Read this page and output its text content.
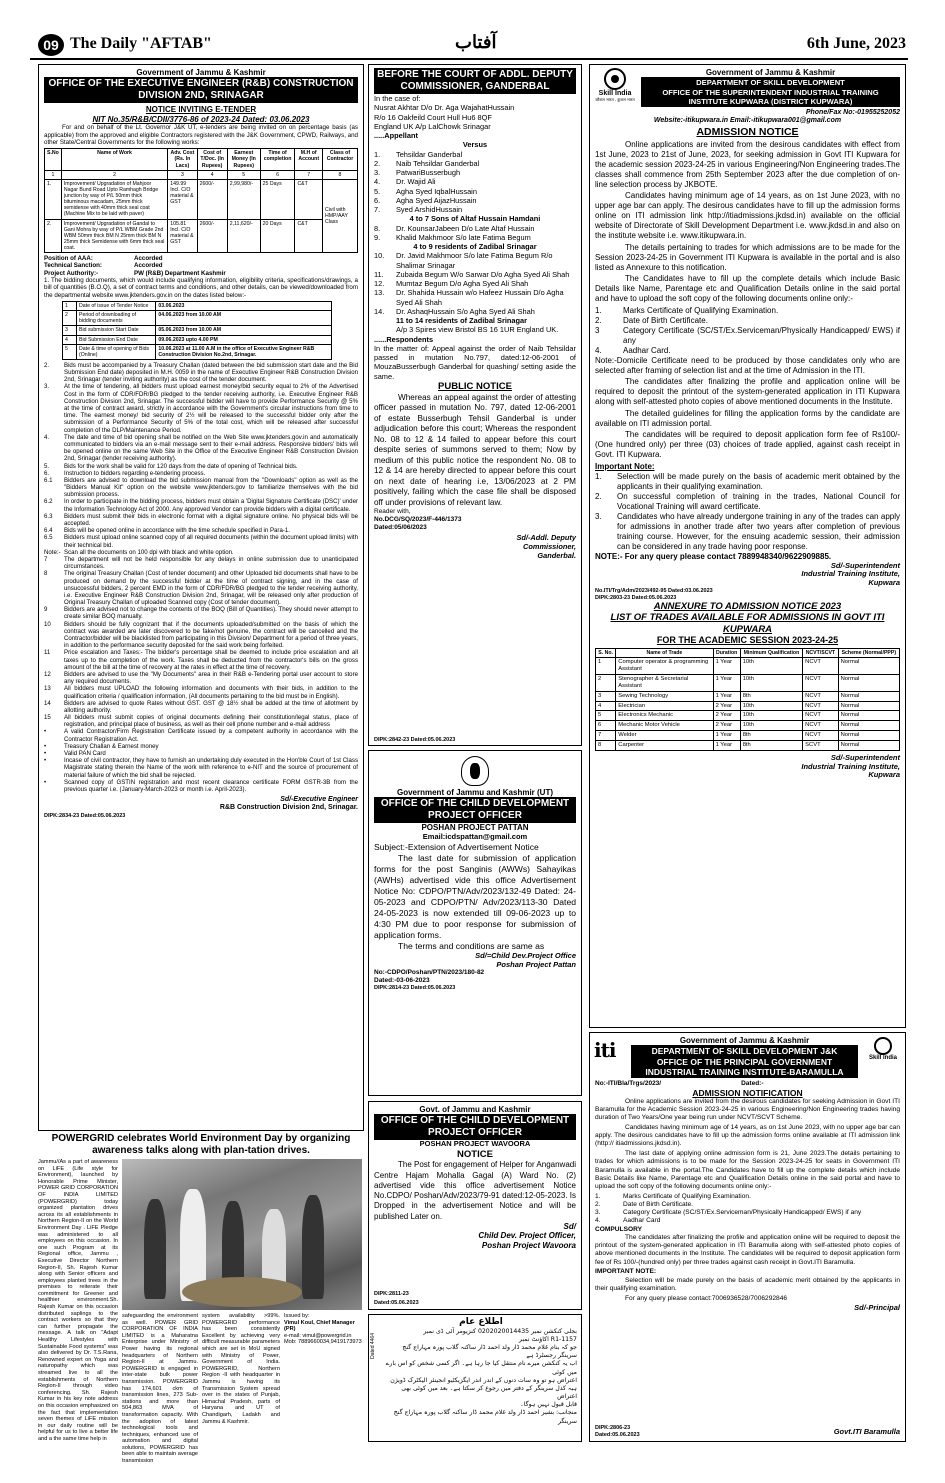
09 The Daily "AFTAB"	آفتاب	6th June, 2023
Government of Jammu & Kashmir
OFFICE OF THE EXECUTIVE ENGINEER (R&B) CONSTRUCTION DIVISION 2ND, SRINAGAR
NOTICE INVITING E-TENDER
NIT No.35/R&B/CDII/3776-86 of 2023-24 Dated: 03.06.2023

For and on behalf of the Lt. Governor J&K UT, e-tenders are being invited on on percentage basis (as applicable) from the approved and eligible Contractors registered with the J&K Government, CPWD, Railways, and other State/Central Governments for the following works:

S.No	Name of Work	Adv. Cost (Rs. In Lacs)	Cost of T/Doc. (In Rupees)	Earnest Money (In Rupees)	Time of completion	M.H of Account	Class of Contractor
1	2	3	4	5	6	7	8
1.	Improvement/ Upgradation of Mahjoor Nagar Bund Road Upto Ramhagh Bridge junction by way of P/L 50mm thick bituminous macadam, 25mm thick semidense with 40mm thick seal coat (Machine Mix to be laid with paver)	149.99 Incl. C/O material & GST	2600/-	2,99,980/-	25 Days	C&T	Civil with HMP/AAY Class
2.	Improvement/ Upgradation of Gandal to Gani Mohra by way of P/L WBM Grade 2nd WBM 50mm thick BM N 25mm thick BM N 25mm thick Semidense with 6mm thick seal coat.	105.81 Incl. C/O material & GST	2600/-	2,11,620/-	20 Days	C&T	
Position of AAA:	Accorded
Technical Sanction:	Accorded
Project Authority:-	PW (R&B) Department Kashmir

1. The bidding documents, which would include qualifying information, eligibility criteria, specifications/drawings, a bill of quantities (B.O.Q), a set of contract terms and conditions, and other details, can be viewed/downloaded from the departmental website www.jktenders.gov.in on the dates listed below:-

1	Date of issue of Tender Notice	03.06.2023
2	Period of downloading of bidding documents	04.06.2023 from 10.00 AM
3	Bid submission Start Date	05.06.2023 from 10.00 AM
4	Bid Submission End Date	09.06.2023 upto 4.00 PM
5	Date & time of opening of Bids (Online)	10.06.2023 at 11.00 A.M in the office of Executive Engineer R&B Construction Division No.2nd, Srinagar.
2.	Bids must be accompanied by a Treasury Challan (dated between the bid submission start date and the Bid Submission End date) deposited in M.H. 0059 in the name of Executive Engineer R&B Construction Division 2nd, Srinagar (tender inviting authority) as the cost of the tender document.
3.	At the time of tendering, all bidders must upload earnest money/bid security equal to 2% of the Advertised Cost in the form of CDR/FDR/BG pledged to the tender receiving authority, i.e. Executive Engineer R&B Construction Division 2nd, Srinagar. The successful bidder will have to provide Performance Security @ 5% at the time of contract award, strictly in accordance with the Government's circular instructions from time to time. The earnest money/ bid security of 2½ will be released to the successful bidder only after the submission of a Performance Security of 5% of the total cost, which will be released after successful completion of the DLP/Maintenance Period.
4.	The date and time of bid opening shall be notified on the Web Site www.jktenders.gov.in and automatically communicated to bidders via an e-mail message sent to their e-mail address. Responsive bidders' bids will be opened online on the same Web Site in the Office of the Executive Engineer R&B Construction Division 2nd, Srinagar (tender receiving authority).
5.	Bids for the work shall be valid for 120 days from the date of opening of Technical bids.
6.	Instruction to bidders regarding e-tendering process.
6.1	Bidders are advised to download the bid submission manual from the "Downloads" option as well as the "Bidders Manual Kit" option on the website www.jktenders.gov to familiarize themselves with the bid submission process.
6.2	In order to participate in the bidding process, bidders must obtain a 'Digital Signature Certificate (DSC)' under the Information Technology Act of 2000. Any approved Vendor can provide bidders with a digital certificate.
6.3	Bidders must submit their bids in electronic format with a digital signature online. No physical bids will be accepted.
6.4	Bids will be opened online in accordance with the time schedule specified in Para-1.
6.5	Bidders must upload online scanned copy of all required documents (within the document upload limits) with their technical bid.
Note:- Scan all the documents on 100 dpi with black and white option.
7	The department will not be held responsible for any delays in online submission due to unanticipated circumstances.
8	The original Treasury Challan (Cost of tender document) and other Uploaded bid documents shall have to be produced on demand by the successful bidder at the time of contract signing, and in the case of unsuccessful bidders, 2 percent EMD in the form of CDR/FDR/BG pledged to the tender receiving authority, i.e. Executive Engineer R&B Construction Division 2nd, Srinagar, will be released only after production of Original Treasury Challan of uploaded Scanned copy (Cost of tender document).
9	Bidders are advised not to change the contents of the BOQ (Bill of Quantities). They should never attempt to create similar BOQ manually.
10	Bidders should be fully cognizant that if the documents uploaded/submitted on the basis of which the contract was awarded are later discovered to be fake/not genuine, the contract will be cancelled and the Contractor/bidder will be blacklisted from participating in this Division/ Department for a period of three years, in addition to the performance security deposited for the said work being forfeited.
11	Price escalation and Taxes:- The bidder's percentage shall be deemed to include price escalation and all taxes up to the completion of the work. Taxes shall be deducted from the contractor's bills on the gross amount of the bill at the time of recovery at the rates in effect at the time of recovery.
12	Bidders are advised to use the "My Documents" area in their R&B e-Tendering portal user account to store any required documents.
13	All bidders must UPLOAD the following information and documents with their bids, in addition to the qualification criteria / qualification information, (All documents pertaining to the bid must be in English).
14	Bidders are advised to quote Rates without GST. GST @ 18½ shall be added at the time of allotment by allotting authority.
15	All bidders must submit copies of original documents defining their constitution/legal status, place of registration, and principal place of business, as well as their cell phone number and e-mail address
•	A valid Contractor/Firm Registration Certificate issued by a competent authority in accordance with the Contractor Registration Act.
•	Treasury Challan & Earnest money
•	Valid PAN Card
•	Incase of civil contractor, they have to furnish an undertaking duly executed in the Hon'ble Court of 1st Class Magistrate stating therein the Name of the work with reference to e-NIT and the source of procurement of material failure of which the bid shall be rejected.
•	Scanned copy of GSTIN registration and most recent clearance certificate FORM GSTR-3B from the previous quarter i.e. (January-March-2023 or month i.e. April-2023).
Sd/-Executive Engineer
R&B Construction Division 2nd, Srinagar.
DIPK:2834-23 Dated:05.06.2023
POWERGRID celebrates World Environment Day by organizing awareness talks along with plan-tation drives.
Jammu//As a part of awareness on LiFE (Life style for Environment), launched by Honorable Prime Minister, POWER GRID CORPORATION OF INDIA LIMITED (POWERGRID) today organized plantation drives across its all establishments in Northern Region-II on the World Environment Day . LiFE Pledge was administered to all employees on this occasion. In one such Program at its Regional office, Jammu , Executive Director Northern Region-II, Sh. Rajesh Kumar along with Senior officers and employees planted trees in the premises to reiterate their commitment for Greener and healthier environment.Sh. Rajesh Kumar on this occasion distributed saplings to the contract workers so that they can further propagate the message. A talk on "Adapt Healthy Lifestyles with Sustainable Food systems" was also delivered by Dr. T.S.Rana, Renowned expert on Yoga and naturopathy which was streamed live to all the establishments of Northern Region-II through video conferencing. Sh. Rajesh Kumar in his key note address on this occasion emphasized on the fact that implementation seven themes of LiFE mission in our daily routine will be helpful for us to live a better life and a the same time help in
safeguarding the environment as well. POWER GRID CORPORATION OF INDIA LIMITED is a Maharatna Enterprise under Ministry of Power having its regional headquarters of Northern Region-II at Jammu. POWERGRID is engaged in inter-state bulk power transmission. POWERGRID has 174,601 ckm of transmission lines, 273 Sub-stations and more than 504,863 MVA of transformation capacity. With the adoption of latest technological tools and techniques, enhanced use of automation and digital solutions, POWERGRID has been able to maintain average transmission
system availability >99%. POWERGRID performance has been consistently Excellent by achieving very difficult measurable parameters which are set in MoU signed with Ministry of Power, Government of India. POWERGRID, Northern Region -II with headquarter in Jammu is having its Transmission System spread over in the states of Punjab, Himachal Pradesh, parts of Haryana and UT of Chandigarh, Ladakh and Jammu & Kashmir.
Issued by:
Vimul Koul, Chief Manager (PR)
e-mail: vimul@powergrid.in
Mob: 7889660034,9419173973
BEFORE THE COURT OF ADDL. DEPUTY COMMISSIONER, GANDERBAL
In the case of:
Nusrat Akhtar D/o Dr. Aga WajahatHussain
R/o 16 Oakfeild Court Hull Hu6 8QF
England UK A/p LalChowk Srinagar
.....Appellant
Versus
1.	Tehsildar Ganderbal
2.	Naib Tehsildar Ganderbal
3.	PatwariBusserbugh
4.	Dr. Wajid Ali
5.	Agha Syed IqbalHussain
6.	Agha Syed AijazHussain
7.	Syed ArshidHussain
4 to 7 Sons of Altaf Hussain Hamdani
8.	Dr. KounsarJabeen D/o Late Altaf Hussain
9.	Khalid Makhmoor S/o late Fatima Begum
4 to 9 residents of Zadibal Srinagar
10.	Dr. Javid Makhmoor S/o late Fatima Begum R/o Shalimar Srinagar
11.	Zubaida Begum W/o Sarwar D/o Agha Syed Ali Shah
12.	Mumtaz Begum D/o Agha Syed Ali Shah
13.	Dr. Shahida Hussain w/o Hafeez Hussain D/o Agha Syed Ali Shah
14.	Dr. AshaqHussain S/o Agha Syed Ali Shah
11 to 14 residents of Zadibal Srinagar
A/p 3 Spires view Bristol BS 16 1UR England UK.
......Respondents
In the matter of: Appeal against the order of Naib Tehsildar passed in mutation No.797, dated:12-06-2001 of MouzaBusserbugh Ganderbal for quashing/ setting aside the same.
PUBLIC NOTICE
Whereas an appeal against the order of attesting officer passed in mutation No. 797, dated 12-06-2001 of estate Busserbugh Tehsil Ganderbal is under adjudication before this court; Whereas the respondent No. 08 to 12 & 14 failed to appear before this court despite series of summons served to them; Now by medium of this public notice the respondent No. 08 to 12 & 14 are hereby directed to appear before this court on next date of hearing i.e, 13/06/2023 at 2 PM positively, failing which the case file shall be disposed off under provisions of relevant law.
Reader with,
No.DCG/SQ/2023/F-446/1373
Dated:05/06/2023
Sd/-Addl. Deputy
Commissioner,
Ganderbal.
DIPK:2842-23 Dated:05.06.2023
Government of Jammu and Kashmir (UT)
OFFICE OF THE CHILD DEVELOPMENT PROJECT OFFICER
POSHAN PROJECT PATTAN
Email:icdspattan@gmail.com
Subject:-Extension of Advertisement Notice
The last date for submission of application forms for the post Sanginis (AWWs) Sahayikas (AWHs) advertised vide this office Advertisement Notice No: CDPO/PTN/Adv/2023/132-49 Dated: 24-05-2023 and CDPO/PTN/ Adv/2023/113-30 Dated 24-05-2023 is now extended till 09-06-2023 up to 4:30 PM due to poor response for submission of application forms.
The terms and conditions are same as
Sd/=Child Dev.Project Office
Poshan Project Pattan
No:-CDPO/Poshan/PTN/2023/180-82
Dated:-03-06-2023
DIPK:2814-23 Dated:05.06.2023
Govt. of Jammu and Kashmir
OFFICE OF THE CHILD DEVELOPMENT PROJECT OFFICER
POSHAN PROJECT WAVOORA
NOTICE
The Post for engagement of Helper for Anganwadi Centre Hajam Mohalla Gagal (A) Ward No. (2) advertised vide this office advertisement Notice No.CDPO/ Poshan/Adv/2023/79-91 dated:12-05-2023. Is Dropped in the advertisement Notice and will be published Later on.
Sd/
Child Dev. Project Officer,
Poshan Project Wavoora
DIPK:2811-23
Dated:05.06.2023
Dated 4464
اطلاع عام
بجلی کنکشن نمبر 0202020014435 کنزیومر آئی ڈی نمبر
1157-R1 اکاؤنٹ نمبر
جو کہ بنام غلام محمد ڈار ولد احمد ڈار ساکنہ گلاب پورہ مہاراج گنج سرینگر رجسٹرڈ ہے
اب یہ کنکشن میرے نام منتقل کیا جا رہا ہے۔ اگر کسی شخص کو اس بارے میں کوئی
اعتراض ہو تو وہ سات دنوں کے اندر اندر ایگزیکٹیو انجینئر الیکٹرک ڈویژن
ہبہ کدل سرینگر کے دفتر میں رجوع کر سکتا ہے۔ بعد میں کوئی بھی اعتراض
قابل قبول نہیں ہوگا۔
منجانب: بشیر احمد ڈار ولد غلام محمد ڈار ساکنہ گلاب پورہ مہاراج گنج سرینگر
Skill India
कौशल भारत - कुशल भारत
Government of Jammu & Kashmir
DEPARTMENT OF SKILL DEVELOPMENT
OFFICE OF THE SUPERINTENDENT INDUSTRIAL TRAINING INSTITUTE KUPWARA (DISTRICT KUPWARA)
Phone/Fax No:-01955252052
Website:-itikupwara.in Email:-itikupwara001@gmail.com
ADMISSION NOTICE

Online applications are invited from the desirous candidates with effect from 1st June, 2023 to 21st of June, 2023, for seeking admission in Govt ITI Kupwara for the academic session 2023-24-25 in various Engineering/Non Engineering trades.The classes shall commence from 25th September 2023 after the due completion of on-line selection process by JKBOTE.

Candidates having minimum age of 14 years, as on 1st June 2023, with no upper age bar can apply. The desirous candidates have to fill up the admission forms online on ITI admission link http://itiadmissions.jkdsd.in) available on the official website of Directorate of Skill Development Department i.e. www.jkdsd.in and also on the institute website i.e. www.itikupwara.in.

The details pertaining to trades for which admissions are to be made for the Session 2023-24-25 in Government ITI Kupwara is available in the portal and is also listed as Annexure to this notification.

The Candidates have to fill up the complete details which include Basic Details like Name, Parentage etc and Qualification Details online in the said portal and have to upload the soft copy of the following documents online only:-

1.	Marks Certificate of Qualifying Examination.
2.	Date of Birth Certificate.
3	Category Certificate (SC/ST/Ex.Serviceman/Physically Handicapped/ EWS) if any
4.	Aadhar Card.

Note:-Domicile Certificate need to be produced by those candidates only who are selected after framing of selection list and at the time of Admission in the ITI.

The candidates after finalizing the profile and application online will be required to deposit the printout of the system-generated application in ITI Kupwara along with self-attested photo copies of above mentioned documents in the Institute.

The detailed guidelines for filling the application forms by the candidate are available on ITI admission portal.

The candidates will be required to deposit application form fee of Rs100/-(One hundred only) per three (03) choices of trade applied, against cash receipt in Govt. ITI Kupwara.

Important Note:
1.	Selection will be made purely on the basis of academic merit obtained by the applicants in their qualifying examination.
2.	On successful completion of training in the trades, National Council for Vocational Training will award certificate.
3.	Candidates who have already undergone training in any of the trades can apply for admissions in another trade after two years after completion of previous training course. However, for the ensuing academic session, their admission can be considered in any trade having poor response.
NOTE:- For any query please contact 7889948340/9622909885.
Sd/-Superintendent
Industrial Training Institute,
Kupwara
No.ITI/Trg/Adm/2023/492-95 Dated:03.06.2023
DIPK:2803-23 Dated:05.06.2023
ANNEXURE TO ADMISSION NOTICE 2023
LIST OF TRADES AVAILABLE FOR ADMISSIONS IN GOVT ITI KUPWARA
FOR THE ACADEMIC SESSION 2023-24-25
S. No.	Name of Trade	Duration	Minimum Qualification	NCVT/SCVT	Scheme (Normal/PPP)
1	Computer operator & programming Assistant	1 Year	10th	NCVT	Normal
2	Stenographer & Secretarial Assistant	1 Year	10th	NCVT	Normal
3	Sewing Technology	1 Year	8th	NCVT	Normal
4	Electrician	2 Year	10th	NCVT	Normal
5	Electronics Mechanic	2 Year	10th	NCVT	Normal
6	Mechanic Motor Vehicle	2 Year	10th	NCVT	Normal
7	Welder	1 Year	8th	NCVT	Normal
8	Carpenter	1 Year	8th	SCVT	Normal
Sd/-Superintendent
Industrial Training Institute,
Kupwara
iti	Skill India
Government of Jammu & Kashmir
DEPARTMENT OF SKILL DEVELOPMENT J&K
OFFICE OF THE PRINCIPAL GOVERNMENT INDUSTRIAL TRAINING INSTITUTE-BARAMULLA
No:-ITI/Bla/Trgs/2023/	Dated:-
ADMISSION NOTIFICATION

Online applications are invited from the desirous candidates for seeking Admission in Govt ITI Baramulla for the Academic Session 2023-24-25 in various Engineering/Non Engineering trades having duration of Two Years/One year being run under NCVT/SCVT Scheme.

Candidates having minimum age of 14 years, as on 1st June 2023, with no upper age bar can apply. The desirous candidates have to fill up the admission forms online available at ITI admission link (http:// itiadmissions.jkdsd.in).

The last date of applying online admission form is 21, June 2023.The details pertaining to trades for which admissions is to be made for the Session 2023-24-25 for seats in Government ITI Baramulla is available in the portal.The Candidates have to fill up the complete details which include Basic Details like Name, Parentage etc and Qualification Details online in the said portal and have to upload the soft copy of the following documents online only:-

1.	Marks Certificate of Qualifying Examination.
2.	Date of Birth Certificate.
3.	Category Certificate (SC/ST/Ex.Serviceman/Physically Handicapped/ EWS) if any
4.	Aadhar Card
COMPULSORY

The candidates after finalizing the profile and application online will be required to deposit the printout of the system-generated application in ITI Baramulla along with self-attested photo copies of above mentioned documents in the Institute. The candidates will be required to deposit application form fee of Rs 100/-(hundred only) per three trades against cash receipt in Govt.ITI Baramulla.

IMPORTANT NOTE:

Selection will be made purely on the basis of academic merit obtained by the applicants in their qualifying examination.

For any query please contact:7006936528/7006292846

Sd/-Principal
DIPK:2806-23
Dated:05.06.2023	Govt.ITI Baramulla
